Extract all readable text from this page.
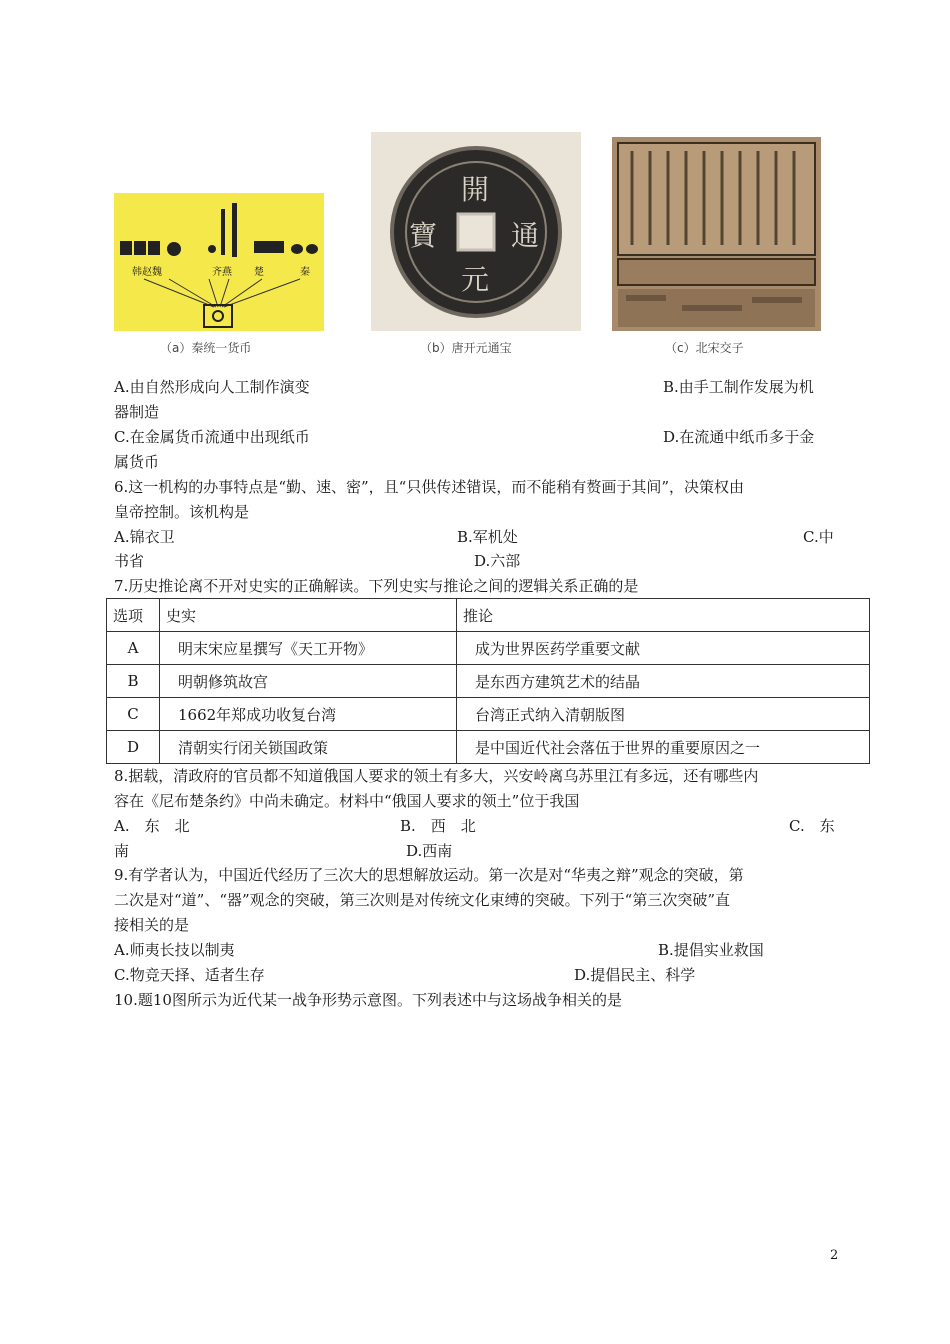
韩赵魏	齐燕 楚	秦
（a）秦统一货币
開
通
元
寶
（b）唐开元通宝	（c）北宋交子
A.由自然形成向人工制作演变	B.由手工制作发展为机
器制造
C.在金属货币流通中出现纸币	D.在流通中纸币多于金
属货币
6.这一机构的办事特点是“勤、速、密”，且“只供传述错误，而不能稍有赘画于其间”，决策权由
皇帝控制。该机构是
A.锦衣卫	B.军机处	C.中
书省	D.六部
7.历史推论离不开对史实的正确解读。下列史实与推论之间的逻辑关系正确的是
选项	史实	推论
A	明末宋应星撰写《天工开物》	成为世界医药学重要文献
B	明朝修筑故宫	是东西方建筑艺术的结晶
C	1662年郑成功收复台湾	台湾正式纳入清朝版图
D	清朝实行闭关锁国政策	是中国近代社会落伍于世界的重要原因之一
8.据载，清政府的官员都不知道俄国人要求的领土有多大，兴安岭离乌苏里江有多远，还有哪些内
容在《尼布楚条约》中尚未确定。材料中“俄国人要求的领土”位于我国
A.　东　北	B.　西　北	C.　东
南	D.西南
9.有学者认为，中国近代经历了三次大的思想解放运动。第一次是对“华夷之辩”观念的突破，第
二次是对“道”、“器”观念的突破，第三次则是对传统文化束缚的突破。下列于“第三次突破”直
接相关的是
A.师夷长技以制夷	B.提倡实业救国
C.物竞天择、适者生存	D.提倡民主、科学
10.题10图所示为近代某一战争形势示意图。下列表述中与这场战争相关的是
2
